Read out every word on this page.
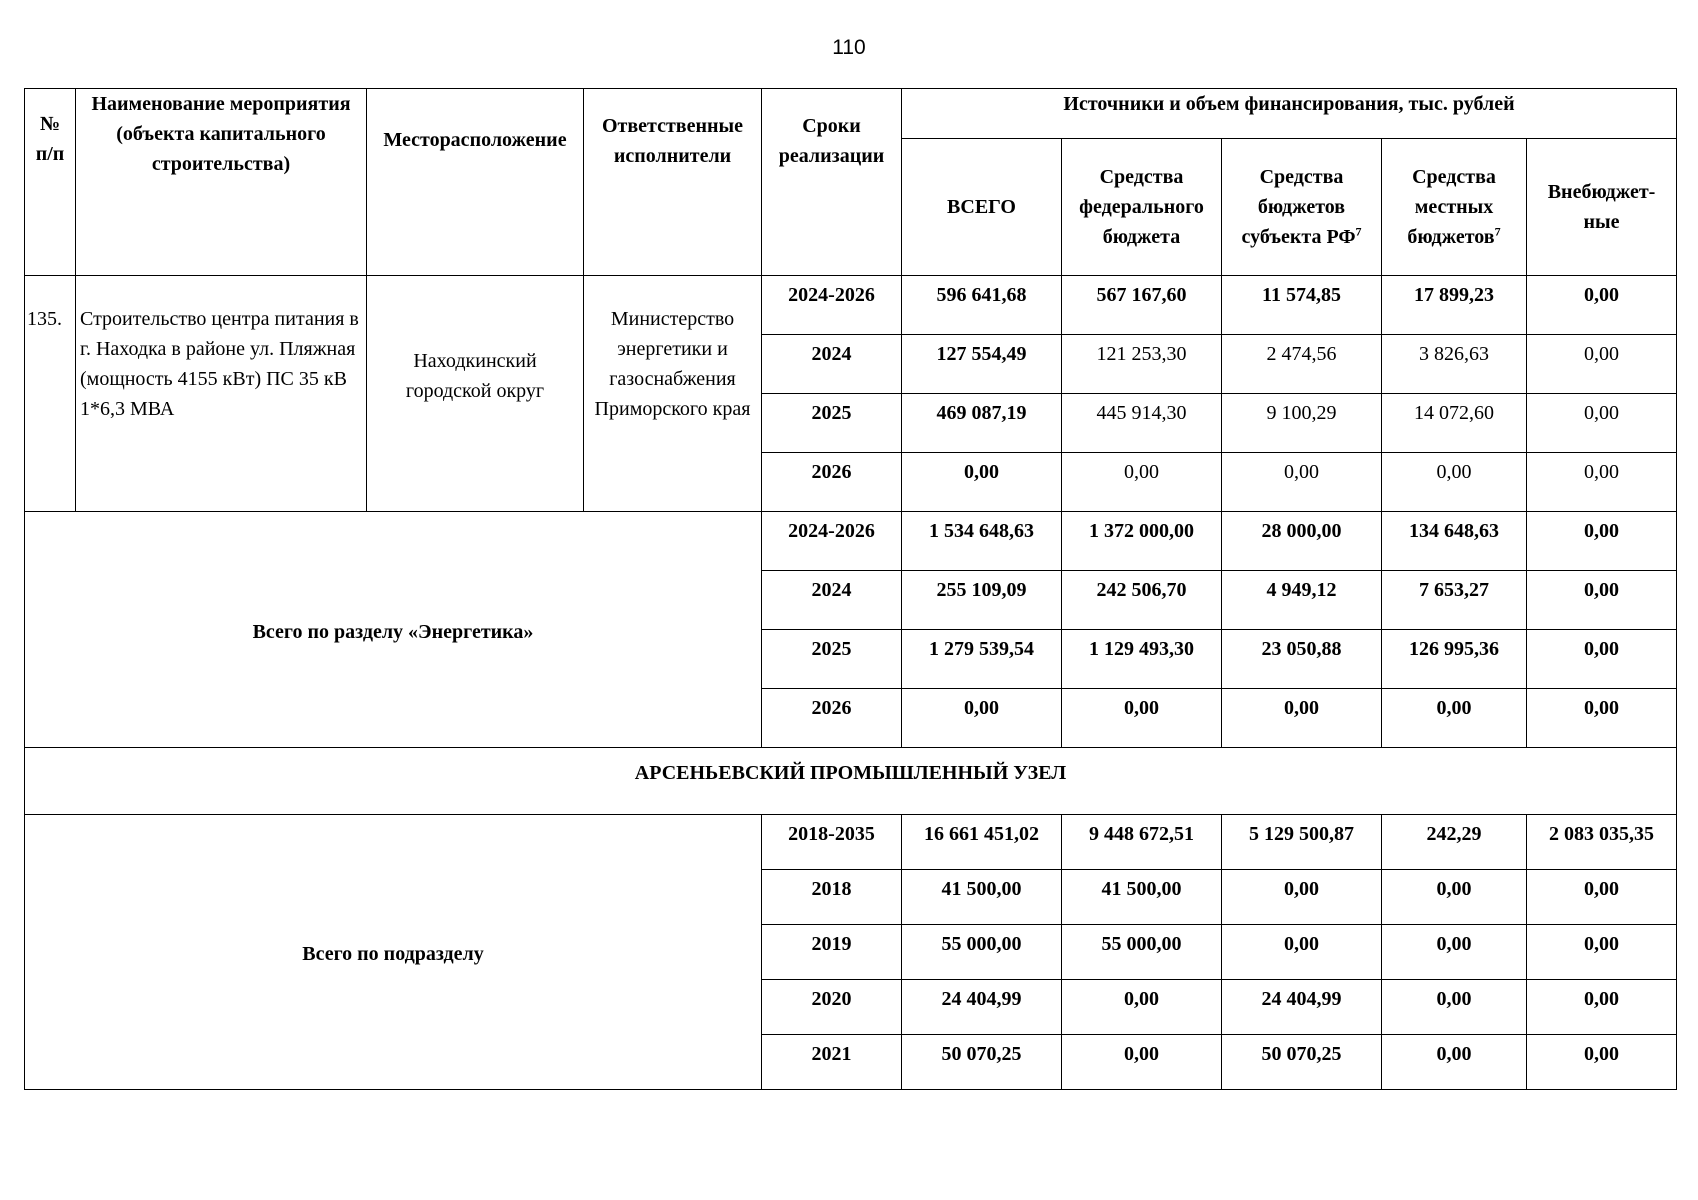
110
№ п/п	Наименование мероприятия (объекта капитального строительства)	Месторасположение	Ответственные исполнители	Сроки реализации	Источники и объем финансирования, тыс. рублей				
					ВСЕГО	Средства федерального бюджета	Средства бюджетов субъекта $РФ^7$	Средства местных бюджетов$^7$	Внебюджет-ные
135.	Строительство центра питания в г. Находка в районе ул. Пляжная (мощность 4155 кВт) ПС 35 кВ 1*6,3 МВА	Находкинский городской округ	Министерство энергетики и газоснабжения Приморского края	2024-2026	596 641,68	567 167,60	11 574,85	17 899,23	0,00
				2024	127 554,49	121 253,30	2 474,56	3 826,63	0,00
				2025	469 087,19	445 914,30	9 100,29	14 072,60	0,00
				2026	0,00	0,00	0,00	0,00	0,00
Всего по разделу «Энергетика»				2024-2026	1 534 648,63	1 372 000,00	28 000,00	134 648,63	0,00
				2024	255 109,09	242 506,70	4 949,12	7 653,27	0,00
				2025	1 279 539,54	1 129 493,30	23 050,88	126 995,36	0,00
				2026	0,00	0,00	0,00	0,00	0,00
АРСЕНЬЕВСКИЙ ПРОМЫШЛЕННЫЙ УЗЕЛ									
Всего по подразделу				2018-2035	16 661 451,02	9 448 672,51	5 129 500,87	242,29	2 083 035,35
				2018	41 500,00	41 500,00	0,00	0,00	0,00
				2019	55 000,00	55 000,00	0,00	0,00	0,00
				2020	24 404,99	0,00	24 404,99	0,00	0,00
				2021	50 070,25	0,00	50 070,25	0,00	0,00
